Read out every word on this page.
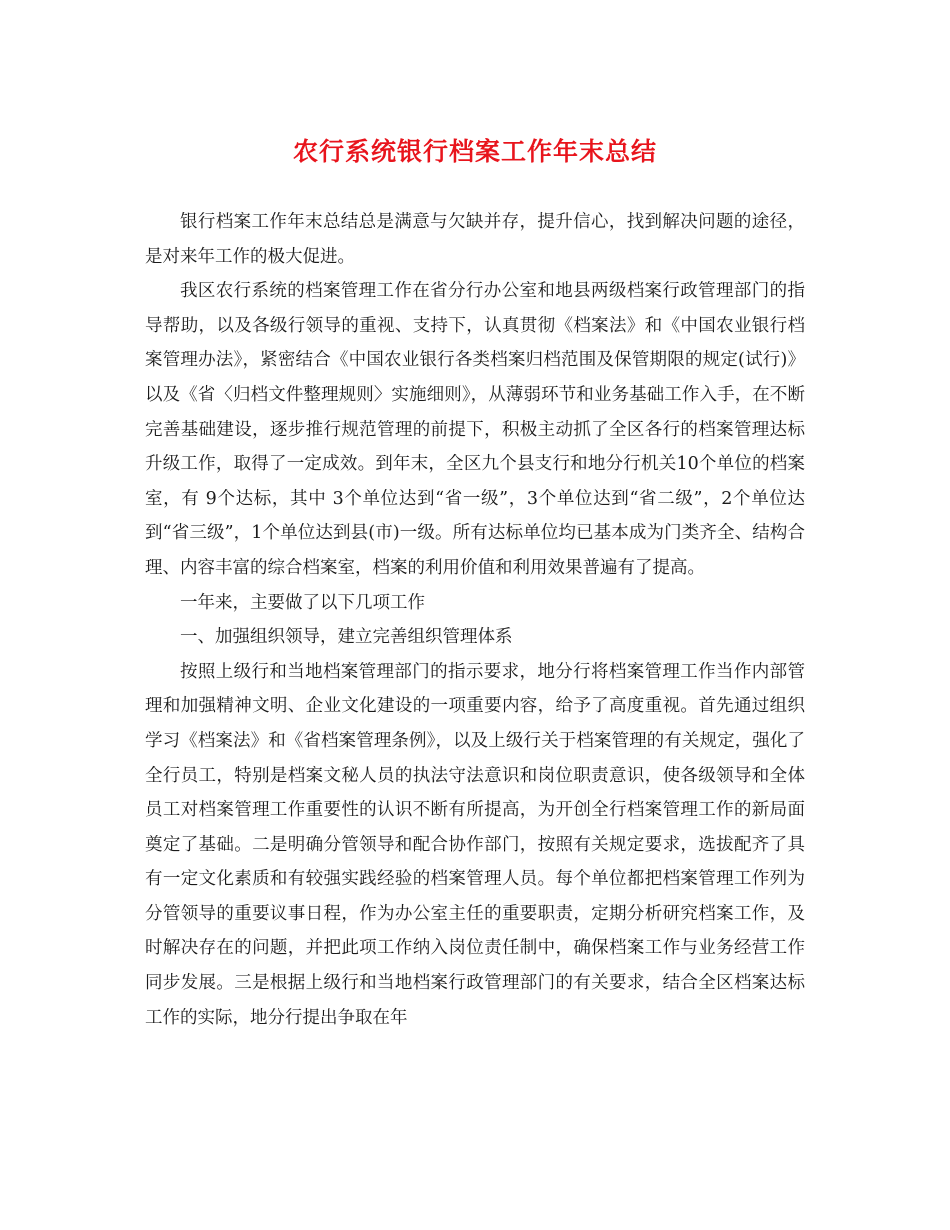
农行系统银行档案工作年末总结

银行档案工作年末总结总是满意与欠缺并存，提升信心，找到解决问题的途径，是对来年工作的极大促进。

我区农行系统的档案管理工作在省分行办公室和地县两级档案行政管理部门的指导帮助，以及各级行领导的重视、支持下，认真贯彻《档案法》和《中国农业银行档案管理办法》，紧密结合《中国农业银行各类档案归档范围及保管期限的规定(试行)》以及《省〈归档文件整理规则〉实施细则》，从薄弱环节和业务基础工作入手，在不断完善基础建设，逐步推行规范管理的前提下，积极主动抓了全区各行的档案管理达标升级工作，取得了一定成效。到年末，全区九个县支行和地分行机关10个单位的档案室，有 9个达标，其中 3个单位达到“省一级”，3个单位达到“省二级”，2个单位达到“省三级”，1个单位达到县(市)一级。所有达标单位均已基本成为门类齐全、结构合理、内容丰富的综合档案室，档案的利用价值和利用效果普遍有了提高。

一年来，主要做了以下几项工作

一、加强组织领导，建立完善组织管理体系

按照上级行和当地档案管理部门的指示要求，地分行将档案管理工作当作内部管理和加强精神文明、企业文化建设的一项重要内容，给予了高度重视。首先通过组织学习《档案法》和《省档案管理条例》，以及上级行关于档案管理的有关规定，强化了全行员工，特别是档案文秘人员的执法守法意识和岗位职责意识，使各级领导和全体员工对档案管理工作重要性的认识不断有所提高，为开创全行档案管理工作的新局面奠定了基础。二是明确分管领导和配合协作部门，按照有关规定要求，选拔配齐了具有一定文化素质和有较强实践经验的档案管理人员。每个单位都把档案管理工作列为分管领导的重要议事日程，作为办公室主任的重要职责，定期分析研究档案工作，及时解决存在的问题，并把此项工作纳入岗位责任制中，确保档案工作与业务经营工作同步发展。三是根据上级行和当地档案行政管理部门的有关要求，结合全区档案达标工作的实际，地分行提出争取在年
